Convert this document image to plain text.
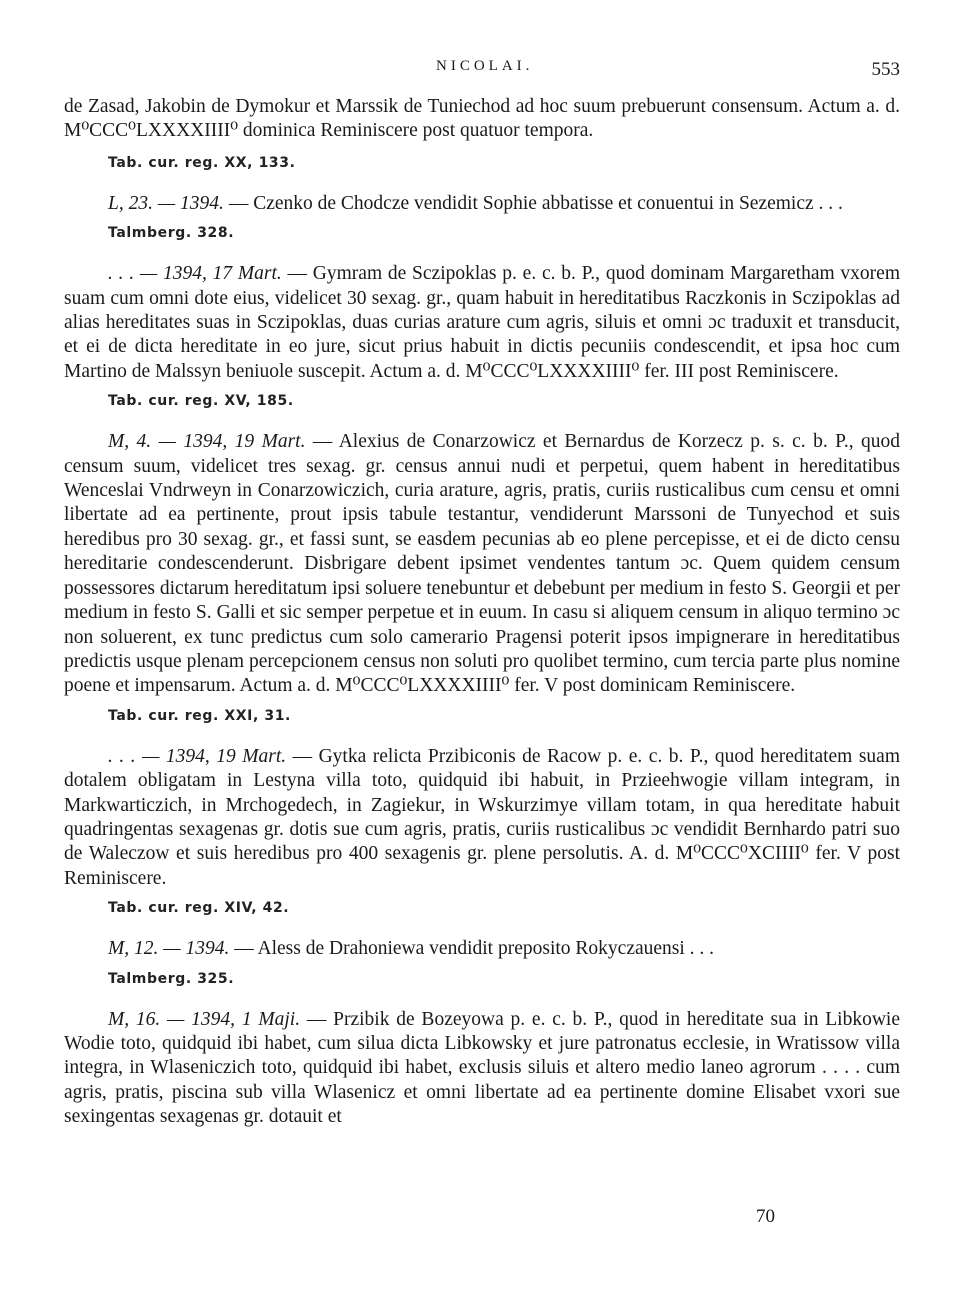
NICOLAI.	553

de Zasad, Jakobin de Dymokur et Marssik de Tuniechod ad hoc suum prebuerunt consensum. Actum a. d. M⁰CCC⁰LXXXXIIII⁰ dominica Reminiscere post quatuor tempora.

Tab. cur. reg. XX, 133.

L, 23. — 1394. — Czenko de Chodcze vendidit Sophie abbatisse et conuentui in Sezemicz . . .

Talmberg. 328.

. . . — 1394, 17 Mart. — Gymram de Sczipoklas p. e. c. b. P., quod dominam Margaretham vxorem suam cum omni dote eius, videlicet 30 sexag. gr., quam habuit in hereditatibus Raczkonis in Sczipoklas ad alias hereditates suas in Sczipoklas, duas curias arature cum agris, siluis et omni ɔc traduxit et transducit, et ei de dicta hereditate in eo jure, sicut prius habuit in dictis pecuniis condescendit, et ipsa hoc cum Martino de Malssyn beniuole suscepit. Actum a. d. M⁰CCC⁰LXXXXIIII⁰ fer. III post Reminiscere.

Tab. cur. reg. XV, 185.

M, 4. — 1394, 19 Mart. — Alexius de Conarzowicz et Bernardus de Korzecz p. s. c. b. P., quod censum suum, videlicet tres sexag. gr. census annui nudi et perpetui, quem habent in hereditatibus Wenceslai Vndrweyn in Conarzowiczich, curia arature, agris, pratis, curiis rusticalibus cum censu et omni libertate ad ea pertinente, prout ipsis tabule testantur, vendiderunt Marssoni de Tunyechod et suis heredibus pro 30 sexag. gr., et fassi sunt, se easdem pecunias ab eo plene percepisse, et ei de dicto censu hereditarie condescenderunt. Disbrigare debent ipsimet vendentes tantum ɔc. Quem quidem censum possessores dictarum hereditatum ipsi soluere tenebuntur et debebunt per medium in festo S. Georgii et per medium in festo S. Galli et sic semper perpetue et in euum. In casu si aliquem censum in aliquo termino ɔc non soluerent, ex tunc predictus cum solo camerario Pragensi poterit ipsos impignerare in hereditatibus predictis usque plenam percepcionem census non soluti pro quolibet termino, cum tercia parte plus nomine poene et impensarum. Actum a. d. M⁰CCC⁰LXXXXIIII⁰ fer. V post dominicam Reminiscere.

Tab. cur. reg. XXI, 31.

. . . — 1394, 19 Mart. — Gytka relicta Przibiconis de Racow p. e. c. b. P., quod hereditatem suam dotalem obligatam in Lestyna villa toto, quidquid ibi habuit, in Przieehwogie villam integram, in Markwarticzich, in Mrchogedech, in Zagiekur, in Wskurzimye villam totam, in qua hereditate habuit quadringentas sexagenas gr. dotis sue cum agris, pratis, curiis rusticalibus ɔc vendidit Bernhardo patri suo de Waleczow et suis heredibus pro 400 sexagenis gr. plene persolutis. A. d. M⁰CCC⁰XCIIII⁰ fer. V post Reminiscere.

Tab. cur. reg. XIV, 42.

M, 12. — 1394. — Aless de Drahoniewa vendidit preposito Rokyczauensi . . .

Talmberg. 325.

M, 16. — 1394, 1 Maji. — Przibik de Bozeyowa p. e. c. b. P., quod in hereditate sua in Libkowie Wodie toto, quidquid ibi habet, cum silua dicta Libkowsky et jure patronatus ecclesie, in Wratissow villa integra, in Wlaseniczich toto, quidquid ibi habet, exclusis siluis et altero medio laneo agrorum . . . . cum agris, pratis, piscina sub villa Wlasenicz et omni libertate ad ea pertinente domine Elisabet vxori sue sexingentas sexagenas gr. dotauit et

70
